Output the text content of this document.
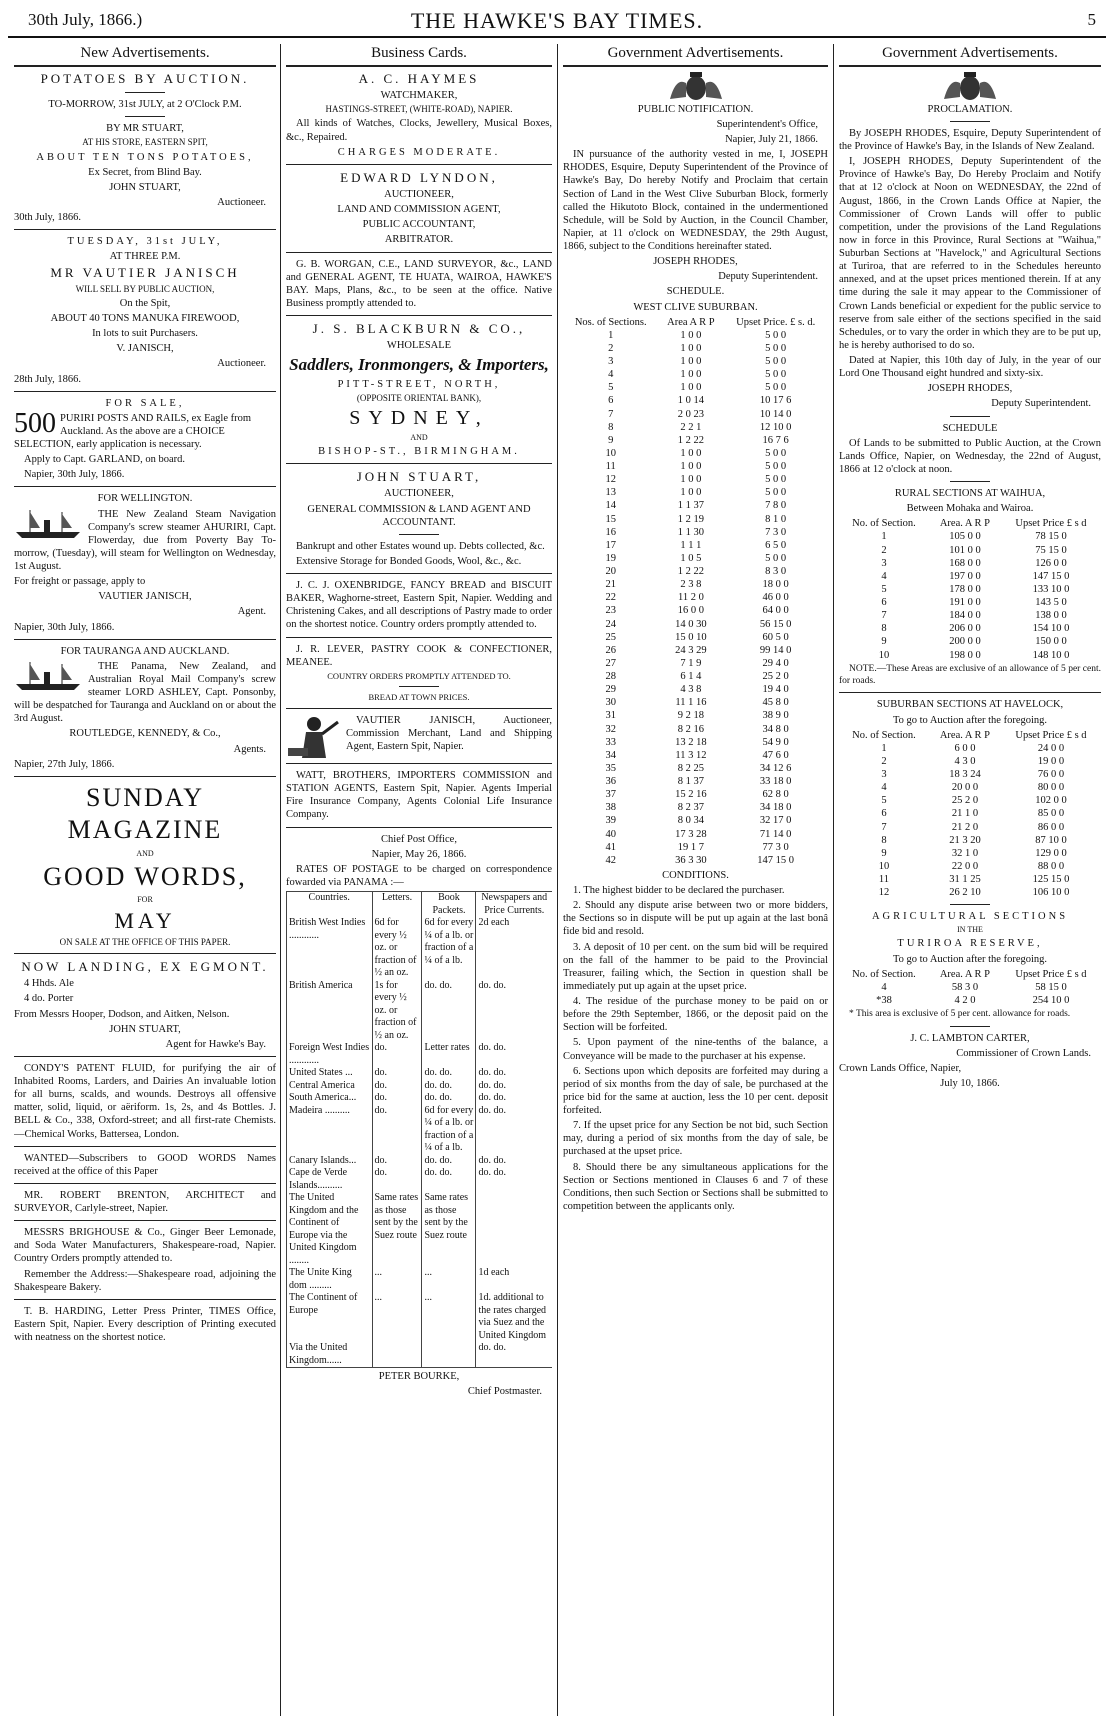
30th July, 1866.)	THE HAWKE'S BAY TIMES.	5
New Advertisements.

POTATOES BY AUCTION.

TO-MORROW, 31st JULY, at 2 O'Clock P.M.

BY MR STUART,

AT HIS STORE, EASTERN SPIT,

ABOUT TEN TONS POTATOES,

Ex Secret, from Blind Bay.

JOHN STUART,

Auctioneer.

30th July, 1866.

TUESDAY, 31st JULY,

AT THREE P.M.

MR VAUTIER JANISCH

WILL SELL BY PUBLIC AUCTION,

On the Spit,

ABOUT 40 TONS MANUKA FIREWOOD,

In lots to suit Purchasers.

V. JANISCH,

Auctioneer.

28th July, 1866.

FOR SALE,

500 PURIRI POSTS AND RAILS, ex Eagle from Auckland. As the above are a CHOICE SELECTION, early application is necessary.

Apply to Capt. GARLAND, on board.

Napier, 30th July, 1866.

FOR WELLINGTON.

THE New Zealand Steam Navigation Company's screw steamer AHURIRI, Capt. Flowerday, due from Poverty Bay To-morrow, (Tuesday), will steam for Wellington on Wednesday, 1st August.

For freight or passage, apply to

VAUTIER JANISCH,

Agent.

Napier, 30th July, 1866.

FOR TAURANGA AND AUCKLAND.

THE Panama, New Zealand, and Australian Royal Mail Company's screw steamer LORD ASHLEY, Capt. Ponsonby, will be despatched for Tauranga and Auckland on or about the 3rd August.

ROUTLEDGE, KENNEDY, & Co.,

Agents.

Napier, 27th July, 1866.

SUNDAY MAGAZINE

AND

GOOD WORDS,

FOR

MAY

ON SALE AT THE OFFICE OF THIS PAPER.

NOW LANDING, EX EGMONT.

4 Hhds. Ale

4 do. Porter

From Messrs Hooper, Dodson, and Aitken, Nelson.

JOHN STUART,

Agent for Hawke's Bay.

CONDY'S PATENT FLUID, for purifying the air of Inhabited Rooms, Larders, and Dairies An invaluable lotion for all burns, scalds, and wounds. Destroys all offensive matter, solid, liquid, or aëriform. 1s, 2s, and 4s Bottles. J. BELL & Co., 338, Oxford-street; and all first-rate Chemists.—Chemical Works, Battersea, London.

WANTED—Subscribers to GOOD WORDS Names received at the office of this Paper

MR. ROBERT BRENTON, ARCHITECT and SURVEYOR, Carlyle-street, Napier.

MESSRS BRIGHOUSE & Co., Ginger Beer Lemonade, and Soda Water Manufacturers, Shakespeare-road, Napier. Country Orders promptly attended to.

Remember the Address:—Shakespeare road, adjoining the Shakespeare Bakery.

T. B. HARDING, Letter Press Printer, TIMES Office, Eastern Spit, Napier. Every description of Printing executed with neatness on the shortest notice.

Business Cards.

A. C. HAYMES

WATCHMAKER,

HASTINGS-STREET, (WHITE-ROAD), NAPIER.

All kinds of Watches, Clocks, Jewellery, Musical Boxes, &c., Repaired.

CHARGES MODERATE.

EDWARD LYNDON,

AUCTIONEER,

LAND AND COMMISSION AGENT,

PUBLIC ACCOUNTANT,

ARBITRATOR.

G. B. WORGAN, C.E., LAND SURVEYOR, &c., LAND and GENERAL AGENT, TE HUATA, WAIROA, HAWKE'S BAY. Maps, Plans, &c., to be seen at the office. Native Business promptly attended to.

J. S. BLACKBURN & CO.,

WHOLESALE

Saddlers, Ironmongers, & Importers,

PITT-STREET, NORTH,

(OPPOSITE ORIENTAL BANK),

SYDNEY,

AND

BISHOP-ST., BIRMINGHAM.

JOHN STUART,

AUCTIONEER,

GENERAL COMMISSION & LAND AGENT AND ACCOUNTANT.

Bankrupt and other Estates wound up. Debts collected, &c.

Extensive Storage for Bonded Goods, Wool, &c., &c.

J. C. J. OXENBRIDGE, FANCY BREAD and BISCUIT BAKER, Waghorne-street, Eastern Spit, Napier. Wedding and Christening Cakes, and all descriptions of Pastry made to order on the shortest notice. Country orders promptly attended to.

J. R. LEVER, PASTRY COOK & CONFECTIONER, MEANEE.

COUNTRY ORDERS PROMPTLY ATTENDED TO.

BREAD AT TOWN PRICES.

VAUTIER JANISCH, Auctioneer, Commission Merchant, Land and Shipping Agent, Eastern Spit, Napier.

WATT, BROTHERS, IMPORTERS COMMISSION and STATION AGENTS, Eastern Spit, Napier. Agents Imperial Fire Insurance Company, Agents Colonial Life Insurance Company.

Chief Post Office,

Napier, May 26, 1866.

RATES OF POSTAGE to be charged on correspondence fowarded via PANAMA :—

Countries.	Letters.	Book Packets.	Newspapers and Price Currents.
British West Indies ............	6d for every ½ oz. or fraction of ½ an oz.	6d for every ¼ of a lb. or fraction of a ¼ of a lb.	2d each
British America	1s for every ½ oz. or fraction of ½ an oz.	do. do.	do. do.
Foreign West Indies ............	do.	Letter rates	do. do.
United States ...	do.	do. do.	do. do.
Central America	do.	do. do.	do. do.
South America...	do.	do. do.	do. do.
Madeira ..........	do.	6d for every ¼ of a lb. or fraction of a ¼ of a lb.	do. do.
Canary Islands...	do.	do. do.	do. do.
Cape de Verde Islands..........	do.	do. do.	do. do.
The United Kingdom and the Continent of Europe via the United Kingdom ........	Same rates as those sent by the Suez route	Same rates as those sent by the Suez route	
The Unite King dom .........	...	...	1d each
The Continent of Europe	...	...	1d. additional to the rates charged via Suez and the United Kingdom
Via the United Kingdom......			do. do.

PETER BOURKE,

Chief Postmaster.

Government Advertisements.

PUBLIC NOTIFICATION.

Superintendent's Office,

Napier, July 21, 1866.

IN pursuance of the authority vested in me, I, JOSEPH RHODES, Esquire, Deputy Superintendent of the Province of Hawke's Bay, Do hereby Notify and Proclaim that certain Section of Land in the West Clive Suburban Block, formerly called the Hikutoto Block, contained in the undermentioned Schedule, will be Sold by Auction, in the Council Chamber, Napier, at 11 o'clock on WEDNESDAY, the 29th August, 1866, subject to the Conditions hereinafter stated.

JOSEPH RHODES,

Deputy Superintendent.

SCHEDULE.

WEST CLIVE SUBURBAN.

Nos. of Sections.	Area A R P	Upset Price. £ s. d.
1	1 0 0	5 0 0
2	1 0 0	5 0 0
3	1 0 0	5 0 0
4	1 0 0	5 0 0
5	1 0 0	5 0 0
6	1 0 14	10 17 6
7	2 0 23	10 14 0
8	2 2 1	12 10 0
9	1 2 22	16 7 6
10	1 0 0	5 0 0
11	1 0 0	5 0 0
12	1 0 0	5 0 0
13	1 0 0	5 0 0
14	1 1 37	7 8 0
15	1 2 19	8 1 0
16	1 1 30	7 3 0
17	1 1 1	6 5 0
19	1 0 5	5 0 0
20	1 2 22	8 3 0
21	2 3 8	18 0 0
22	11 2 0	46 0 0
23	16 0 0	64 0 0
24	14 0 30	56 15 0
25	15 0 10	60 5 0
26	24 3 29	99 14 0
27	7 1 9	29 4 0
28	6 1 4	25 2 0
29	4 3 8	19 4 0
30	11 1 16	45 8 0
31	9 2 18	38 9 0
32	8 2 16	34 8 0
33	13 2 18	54 9 0
34	11 3 12	47 6 0
35	8 2 25	34 12 6
36	8 1 37	33 18 0
37	15 2 16	62 8 0
38	8 2 37	34 18 0
39	8 0 34	32 17 0
40	17 3 28	71 14 0
41	19 1 7	77 3 0
42	36 3 30	147 15 0

CONDITIONS.

1. The highest bidder to be declared the purchaser.

2. Should any dispute arise between two or more bidders, the Sections so in dispute will be put up again at the last bonâ fide bid and resold.

3. A deposit of 10 per cent. on the sum bid will be required on the fall of the hammer to be paid to the Provincial Treasurer, failing which, the Section in question shall be immediately put up again at the upset price.

4. The residue of the purchase money to be paid on or before the 29th September, 1866, or the deposit paid on the Section will be forfeited.

5. Upon payment of the nine-tenths of the balance, a Conveyance will be made to the purchaser at his expense.

6. Sections upon which deposits are forfeited may during a period of six months from the day of sale, be purchased at the price bid for the same at auction, less the 10 per cent. deposit forfeited.

7. If the upset price for any Section be not bid, such Section may, during a period of six months from the day of sale, be purchased at the upset price.

8. Should there be any simultaneous applications for the Section or Sections mentioned in Clauses 6 and 7 of these Conditions, then such Section or Sections shall be submitted to competition between the applicants only.

Government Advertisements.

PROCLAMATION.

By JOSEPH RHODES, Esquire, Deputy Superintendent of the Province of Hawke's Bay, in the Islands of New Zealand.

I, JOSEPH RHODES, Deputy Superintendent of the Province of Hawke's Bay, Do Hereby Proclaim and Notify that at 12 o'clock at Noon on WEDNESDAY, the 22nd of August, 1866, in the Crown Lands Office at Napier, the Commissioner of Crown Lands will offer to public competition, under the provisions of the Land Regulations now in force in this Province, Rural Sections at "Waihua," Suburban Sections at "Havelock," and Agricultural Sections at Turiroa, that are referred to in the Schedules hereunto annexed, and at the upset prices mentioned therein. If at any time during the sale it may appear to the Commissioner of Crown Lands beneficial or expedient for the public service to reserve from sale either of the sections specified in the said Schedules, or to vary the order in which they are to be put up, he is hereby authorised to do so.

Dated at Napier, this 10th day of July, in the year of our Lord One Thousand eight hundred and sixty-six.

JOSEPH RHODES,

Deputy Superintendent.

SCHEDULE

Of Lands to be submitted to Public Auction, at the Crown Lands Office, Napier, on Wednesday, the 22nd of August, 1866 at 12 o'clock at noon.

RURAL SECTIONS AT WAIHUA,

Between Mohaka and Wairoa.

No. of Section.	Area. A R P	Upset Price £ s d
1	105 0 0	78 15 0
2	101 0 0	75 15 0
3	168 0 0	126 0 0
4	197 0 0	147 15 0
5	178 0 0	133 10 0
6	191 0 0	143 5 0
7	184 0 0	138 0 0
8	206 0 0	154 10 0
9	200 0 0	150 0 0
10	198 0 0	148 10 0

NOTE.—These Areas are exclusive of an allowance of 5 per cent. for roads.

SUBURBAN SECTIONS AT HAVELOCK,

To go to Auction after the foregoing.

No. of Section.	Area. A R P	Upset Price £ s d
1	6 0 0	24 0 0
2	4 3 0	19 0 0
3	18 3 24	76 0 0
4	20 0 0	80 0 0
5	25 2 0	102 0 0
6	21 1 0	85 0 0
7	21 2 0	86 0 0
8	21 3 20	87 10 0
9	32 1 0	129 0 0
10	22 0 0	88 0 0
11	31 1 25	125 15 0
12	26 2 10	106 10 0

AGRICULTURAL SECTIONS

IN THE

TURIROA RESERVE,

To go to Auction after the foregoing.

No. of Section.	Area. A R P	Upset Price £ s d
4	58 3 0	58 15 0
*38	4 2 0	254 10 0

* This area is exclusive of 5 per cent. allowance for roads.

J. C. LAMBTON CARTER,

Commissioner of Crown Lands.

Crown Lands Office, Napier,

July 10, 1866.
